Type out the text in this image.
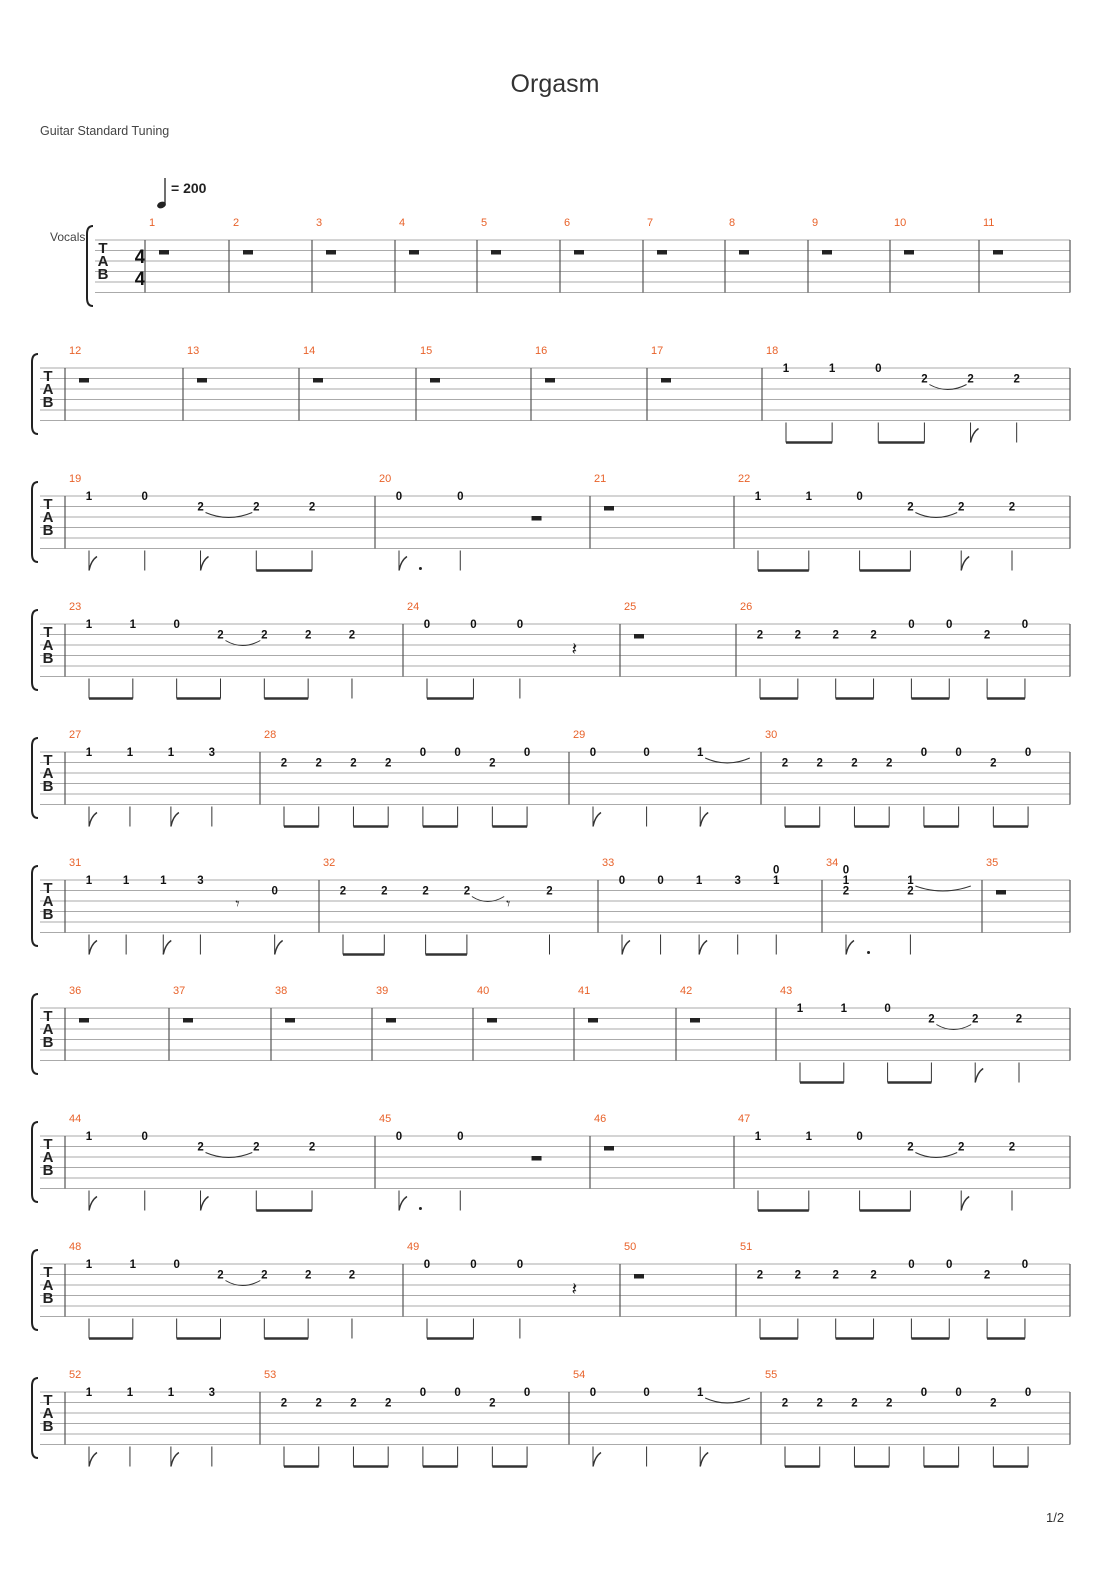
Orgasm
Guitar Standard Tuning
= 200
Vocals
1/2
T
A
B
4
4
1	2	3	4	5	6	7	8	9	10	11
T
A
B
12	13	14	15	16	17	18
1	1	0
2	2	2
T
A
B
19
1	0
2	2	2
20
0	0
21	22
1	1	0
2	2	2
T
A
B
23
1	1	0
2	2	2	2
24
0	0	0
𝄽
25	26
2	2	2	2
0	0
2
0
T
A
B
27
1	1	1	3
28
2 2 2 2
0 0
2
0
29
0	0	1
30
2 2 2 2
0 0
2
0
T
A
B
31
1	1	1	3
𝄾
0
32
2	2	2	2
𝄾
2
33
0	0	1	3	1
0
34
1
0
2
1
2
35
T
A
B
36	37	38	39	40	41	42	43
1	1	0
2	2	2
T
A
B
44
1	0
2	2	2
45
0	0
46	47
1	1	0
2	2	2
T
A
B
48
1	1	0
2	2	2	2
49
0	0	0
𝄽
50	51
2	2	2	2
0	0
2
0
T
A
B
52
1	1	1	3
53
2 2 2 2
0 0
2
0
54
0	0	1
55
2 2 2 2
0 0
2
0
